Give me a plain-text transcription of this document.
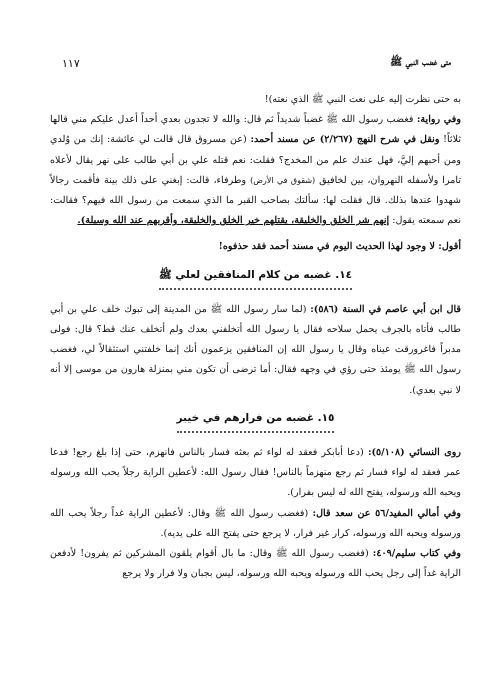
١١٧	متى غضب النبي ﷺ

به حتى نظرت إليه على نعت النبي ﷺ الذي نعته)!

وفي رواية: فغضب رسول الله ﷺ غضباً شديداً ثم قال: والله لا تجدون بعدي أحداً أعدل عليكم مني قالها ثلاثاً! ونقل في شرح النهج (٢/٢٦٧) عن مسند أحمد: (عن مسروق قال قالت لي عائشة: إنك من وُلدي ومن أحبهم إليَّ، فهل عندك علم من المخدج؟ فقلت: نعم قتله علي بن أبي طالب على نهر يقال لأعلاه تامرا ولأسفله النهروان، بين لخافيق (شقوق في الأرض) وطرفاء، قالت: إبغني على ذلك بينة فأقمت رجالاً شهدوا عندها بذلك. قال فقلت لها: سألتك بصاحب القبر ما الذي سمعت من رسول الله فيهم؟ فقالت: نعم سمعته يقول: إنهم شر الخلق والخليقة، يقتلهم خير الخلق والخليقة، وأقربهم عند الله وسيلة).

أقول: لا وجود لهذا الحديث اليوم في مسند أحمد فقد حذفوه!

١٤. غضبه من كلام المنافقين لعلي ﷺ

قال ابن أبي عاصم في السنة (٥٨٦): (لما سار رسول الله ﷺ من المدينة إلى تبوك خلف علي بن أبي طالب فأتاه بالجرف يحمل سلاحه فقال يا رسول الله أتخلفني بعدك ولم أتخلف عنك قط؟ قال: فولى مدبراً فاغرورقت عيناه وقال يا رسول الله إن المنافقين يزعمون أنك إنما خلفتني استثقالاً لي، فغضب رسول الله ﷺ يومئذ حتى رؤي في وجهه فقال: أما ترضى أن تكون مني بمنزلة هارون من موسى إلا أنه لا نبي بعدي).

١٥. غضبه من فرارهم في خيبر

روى النسائي (٥/١٠٨): (دعا أبابكر فعقد له لواء ثم بعثه فسار بالناس فانهزم، حتى إذا بلغ رجع! فدعا عمر فعقد له لواء فسار ثم رجع منهزماً بالناس! فقال رسول الله: لأعطين الراية رجلاً يحب الله ورسوله ويحبه الله ورسوله، يفتح الله له ليس بفرار).

وفي أمالي المفيد/٥٦ عن سعد قال: (فغضب رسول الله ﷺ وقال: لأعطين الراية غداً رجلاً يحب الله ورسوله ويحبه الله ورسوله، كرار غير فرار، لا يرجع حتى يفتح الله على يديه).

وفي كتاب سليم/٤٠٩: (فغضب رسول الله ﷺ وقال: ما بال أقوام يلقون المشركين ثم يفرون! لأدفعن الراية غداً إلى رجل يحب الله ورسوله ويحبه الله ورسوله، ليس بجبان ولا فرار ولا يرجع
